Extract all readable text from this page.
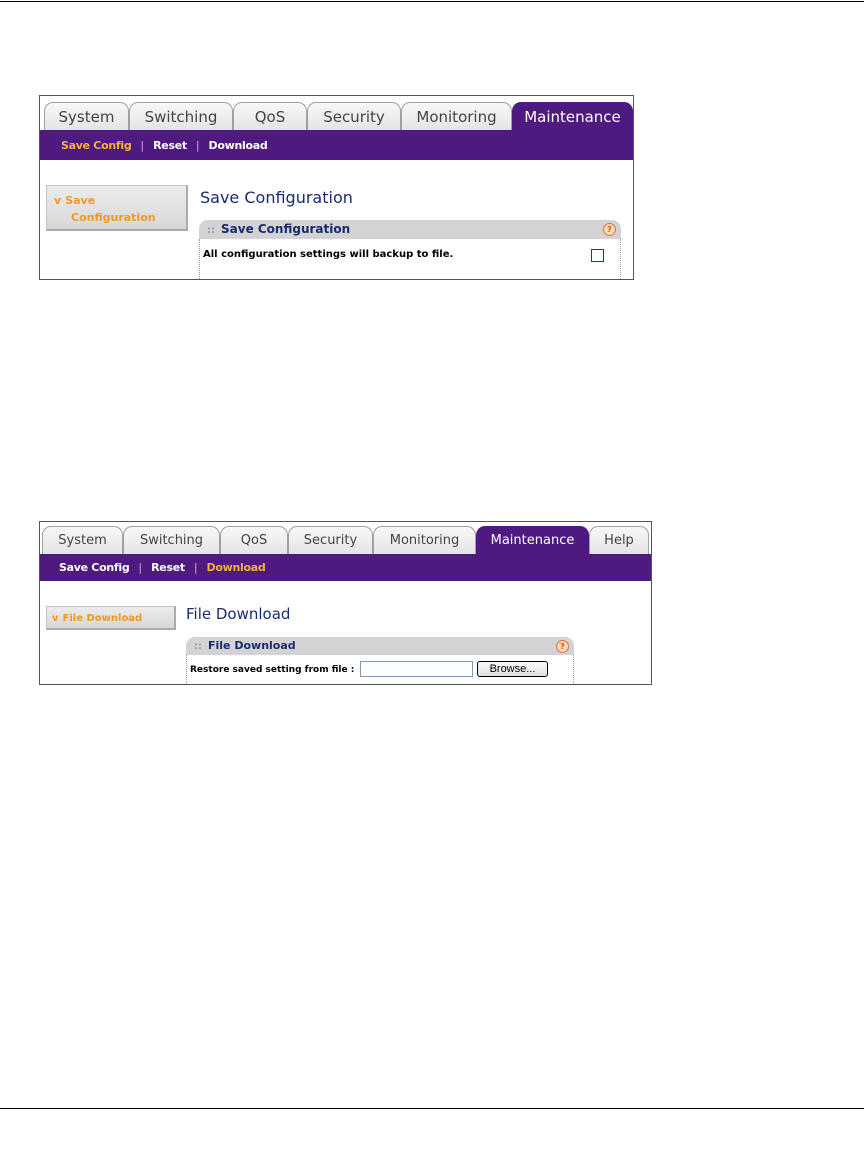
System	Switching	QoS	Security	Monitoring	Maintenance
Save Config | Reset | Download
v Save
Configuration
Save Configuration
:: Save Configuration	?
All configuration settings will backup to file.
System	Switching	QoS	Security	Monitoring	Maintenance	Help
Save Config | Reset | Download
v File Download	File Download
:: File Download	?
Restore saved setting from file :	Browse...
